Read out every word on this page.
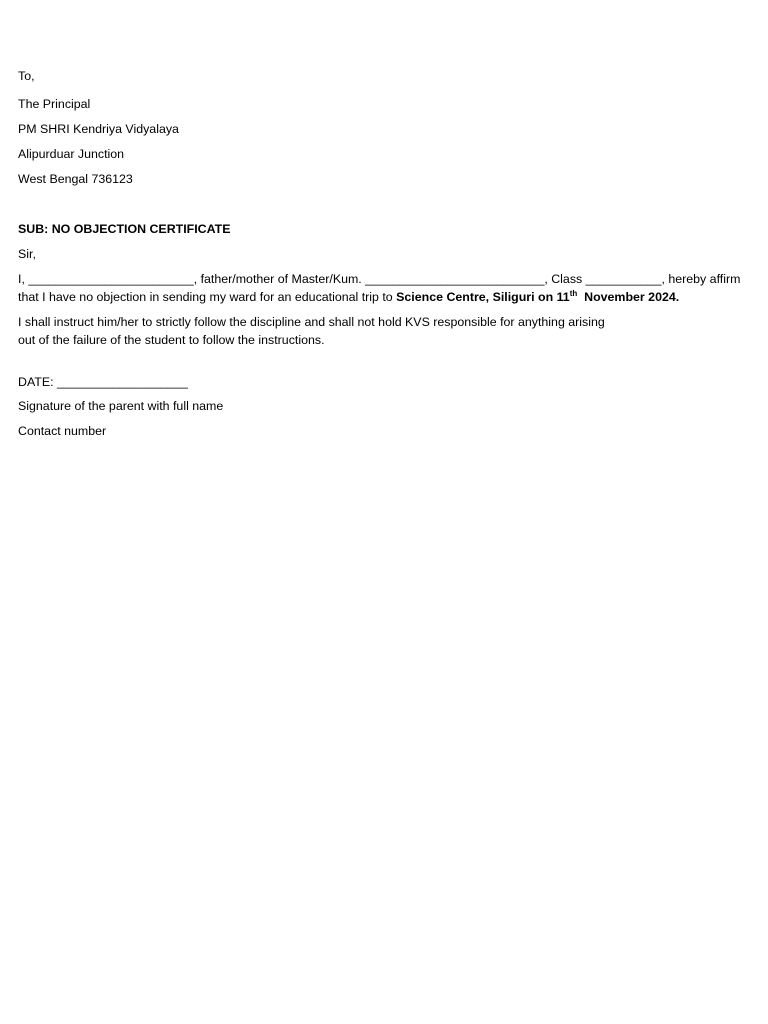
To,
The Principal
PM SHRI Kendriya Vidyalaya
Alipurduar Junction
West Bengal 736123
SUB: NO OBJECTION CERTIFICATE
Sir,
I, ________________________, father/mother of Master/Kum. __________________________, Class ___________, hereby affirm
that I have no objection in sending my ward for an educational trip to Science Centre, Siliguri on 11th  November 2024.
I shall instruct him/her to strictly follow the discipline and shall not hold KVS responsible for anything arising
out of the failure of the student to follow the instructions.
DATE: ___________________
Signature of the parent with full name
Contact number
